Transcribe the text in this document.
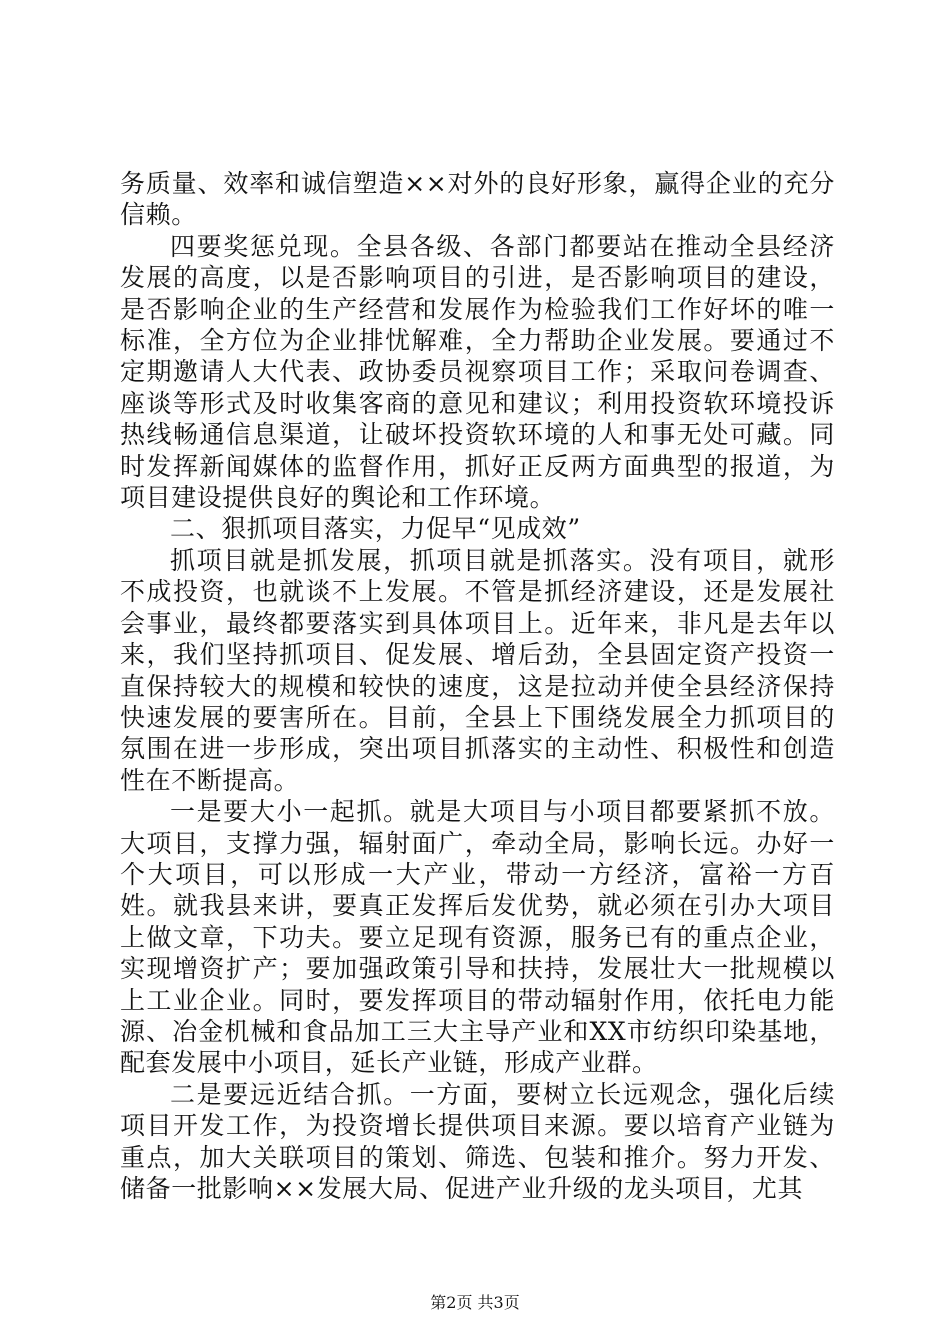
务质量、效率和诚信塑造××对外的良好形象，赢得企业的充分信赖。

四要奖惩兑现。全县各级、各部门都要站在推动全县经济发展的高度，以是否影响项目的引进，是否影响项目的建设，是否影响企业的生产经营和发展作为检验我们工作好坏的唯一标准，全方位为企业排忧解难，全力帮助企业发展。要通过不定期邀请人大代表、政协委员视察项目工作；采取问卷调查、座谈等形式及时收集客商的意见和建议；利用投资软环境投诉热线畅通信息渠道，让破坏投资软环境的人和事无处可藏。同时发挥新闻媒体的监督作用，抓好正反两方面典型的报道，为项目建设提供良好的舆论和工作环境。

二、狠抓项目落实，力促早“见成效”

抓项目就是抓发展，抓项目就是抓落实。没有项目，就形不成投资，也就谈不上发展。不管是抓经济建设，还是发展社会事业，最终都要落实到具体项目上。近年来，非凡是去年以来，我们坚持抓项目、促发展、增后劲，全县固定资产投资一直保持较大的规模和较快的速度，这是拉动并使全县经济保持快速发展的要害所在。目前，全县上下围绕发展全力抓项目的氛围在进一步形成，突出项目抓落实的主动性、积极性和创造性在不断提高。

一是要大小一起抓。就是大项目与小项目都要紧抓不放。大项目，支撑力强，辐射面广，牵动全局，影响长远。办好一个大项目，可以形成一大产业，带动一方经济，富裕一方百姓。就我县来讲，要真正发挥后发优势，就必须在引办大项目上做文章，下功夫。要立足现有资源，服务已有的重点企业，实现增资扩产；要加强政策引导和扶持，发展壮大一批规模以上工业企业。同时，要发挥项目的带动辐射作用，依托电力能源、冶金机械和食品加工三大主导产业和XX市纺织印染基地，配套发展中小项目，延长产业链，形成产业群。

二是要远近结合抓。一方面，要树立长远观念，强化后续项目开发工作，为投资增长提供项目来源。要以培育产业链为重点，加大关联项目的策划、筛选、包装和推介。努力开发、储备一批影响××发展大局、促进产业升级的龙头项目，尤其

第2页 共3页
